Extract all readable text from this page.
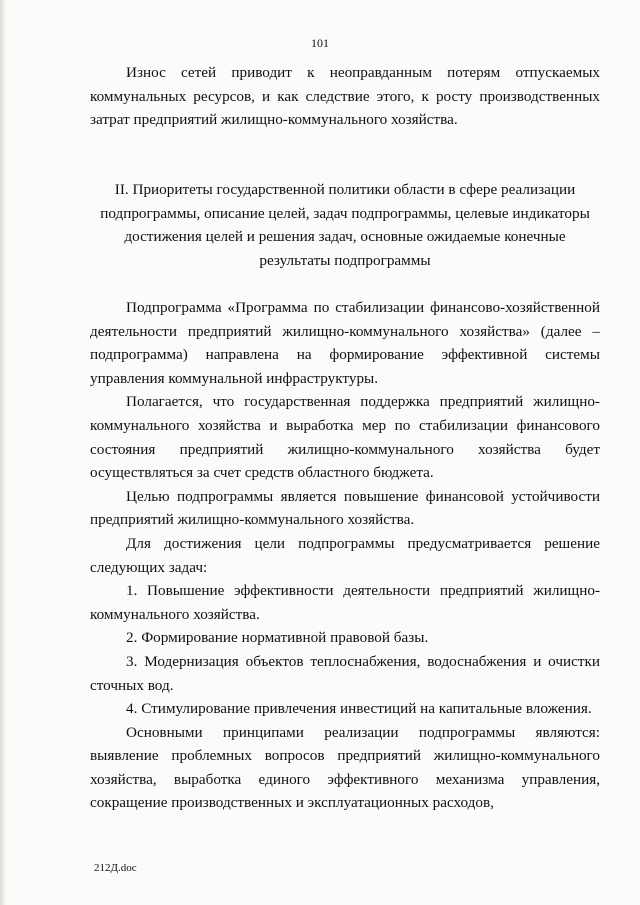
101

Износ сетей приводит к неоправданным потерям отпускаемых коммунальных ресурсов, и как следствие этого, к росту производственных затрат предприятий жилищно-коммунального хозяйства.

II. Приоритеты государственной политики области в сфере реализации подпрограммы, описание целей, задач подпрограммы, целевые индикаторы достижения целей и решения задач, основные ожидаемые конечные результаты подпрограммы

Подпрограмма «Программа по стабилизации финансово-хозяйственной деятельности предприятий жилищно-коммунального хозяйства» (далее – подпрограмма) направлена на формирование эффективной системы управления коммунальной инфраструктуры.

Полагается, что государственная поддержка предприятий жилищно-коммунального хозяйства и выработка мер по стабилизации финансового состояния предприятий жилищно-коммунального хозяйства будет осуществляться за счет средств областного бюджета.

Целью подпрограммы является повышение финансовой устойчивости предприятий жилищно-коммунального хозяйства.

Для достижения цели подпрограммы предусматривается решение следующих задач:

1. Повышение эффективности деятельности предприятий жилищно-коммунального хозяйства.

2. Формирование нормативной правовой базы.

3. Модернизация объектов теплоснабжения, водоснабжения и очистки сточных вод.

4. Стимулирование привлечения инвестиций на капитальные вложения.

Основными принципами реализации подпрограммы являются: выявление проблемных вопросов предприятий жилищно-коммунального хозяйства, выработка единого эффективного механизма управления, сокращение производственных и эксплуатационных расходов,

212Д.doc
